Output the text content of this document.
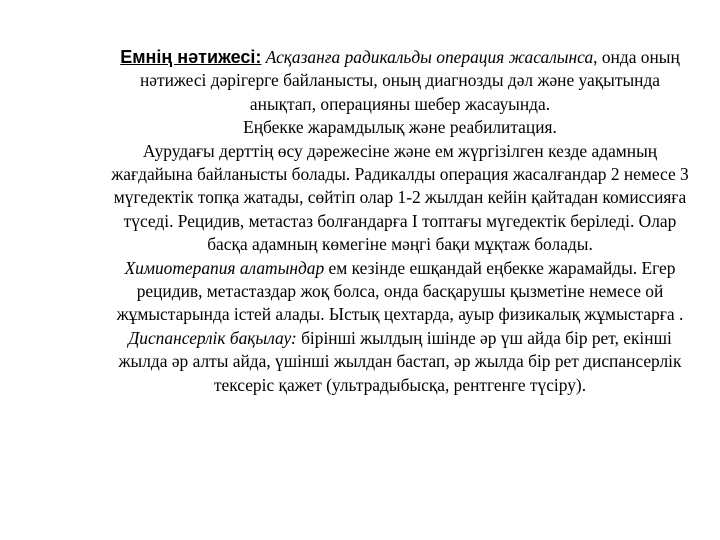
Емнің нәтижесі: Асқазанға радикальды операция жасалынса, онда оның нәтижесі дәрігерге байланысты, оның диагнозды дәл және уақытында анықтап, операцияны шебер жасауында.
Еңбекке жарамдылық және реабилитация.
Аурудағы дерттің өсу дәрежесіне және ем жүргізілген кезде адамның жағдайына байланысты болады. Радикалды операция жасалғандар 2 немесе 3 мүгедектік топқа жатады, сөйтіп олар 1-2 жылдан кейін қайтадан комиссияға түседі. Рецидив, метастаз болғандарға І топтағы мүгедектік беріледі. Олар басқа адамның көмегіне мәңгі бақи мұқтаж болады.
Химиотерапия алатындар ем кезінде ешқандай еңбекке жарамайды. Егер рецидив, метастаздар жоқ болса, онда басқарушы қызметіне немесе ой жұмыстарында істей алады. Ыстық цехтарда, ауыр физикалық жұмыстарға .
Диспансерлік бақылау: бірінші жылдың ішінде әр үш айда бір рет, екінші жылда әр алты айда, үшінші жылдан бастап, әр жылда бір рет диспансерлік тексеріс қажет (ультрадыбысқа, рентгенге түсіру).
